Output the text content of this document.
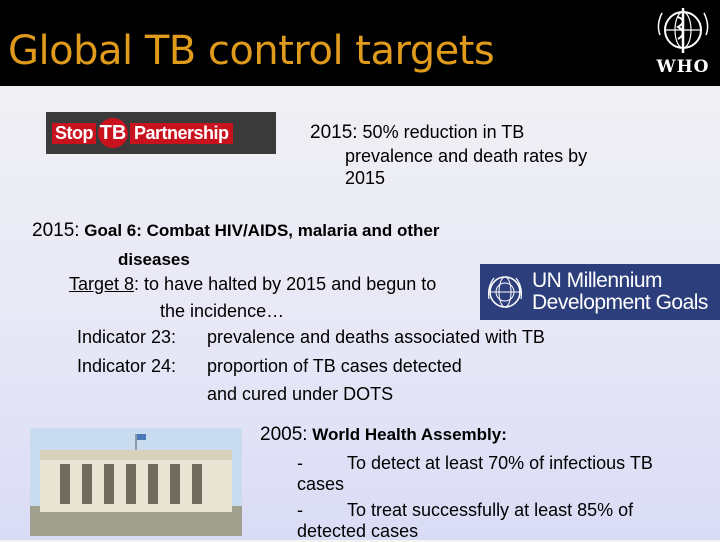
Global TB control targets	WHO
Stop TB Partnership	2015: 50% reduction in TB
prevalence and death rates by
2015
2015: Goal 6: Combat HIV/AIDS, malaria and other
diseases
Target 8: to have halted by 2015 and begun to
the incidence…
Indicator 23: prevalence and deaths associated with TB
Indicator 24: proportion of TB cases detected
and cured under DOTS
UN Millennium
Development Goals
2005: World Health Assembly:
- To detect at least 70% of infectious TB
cases
- To treat successfully at least 85% of
detected cases
